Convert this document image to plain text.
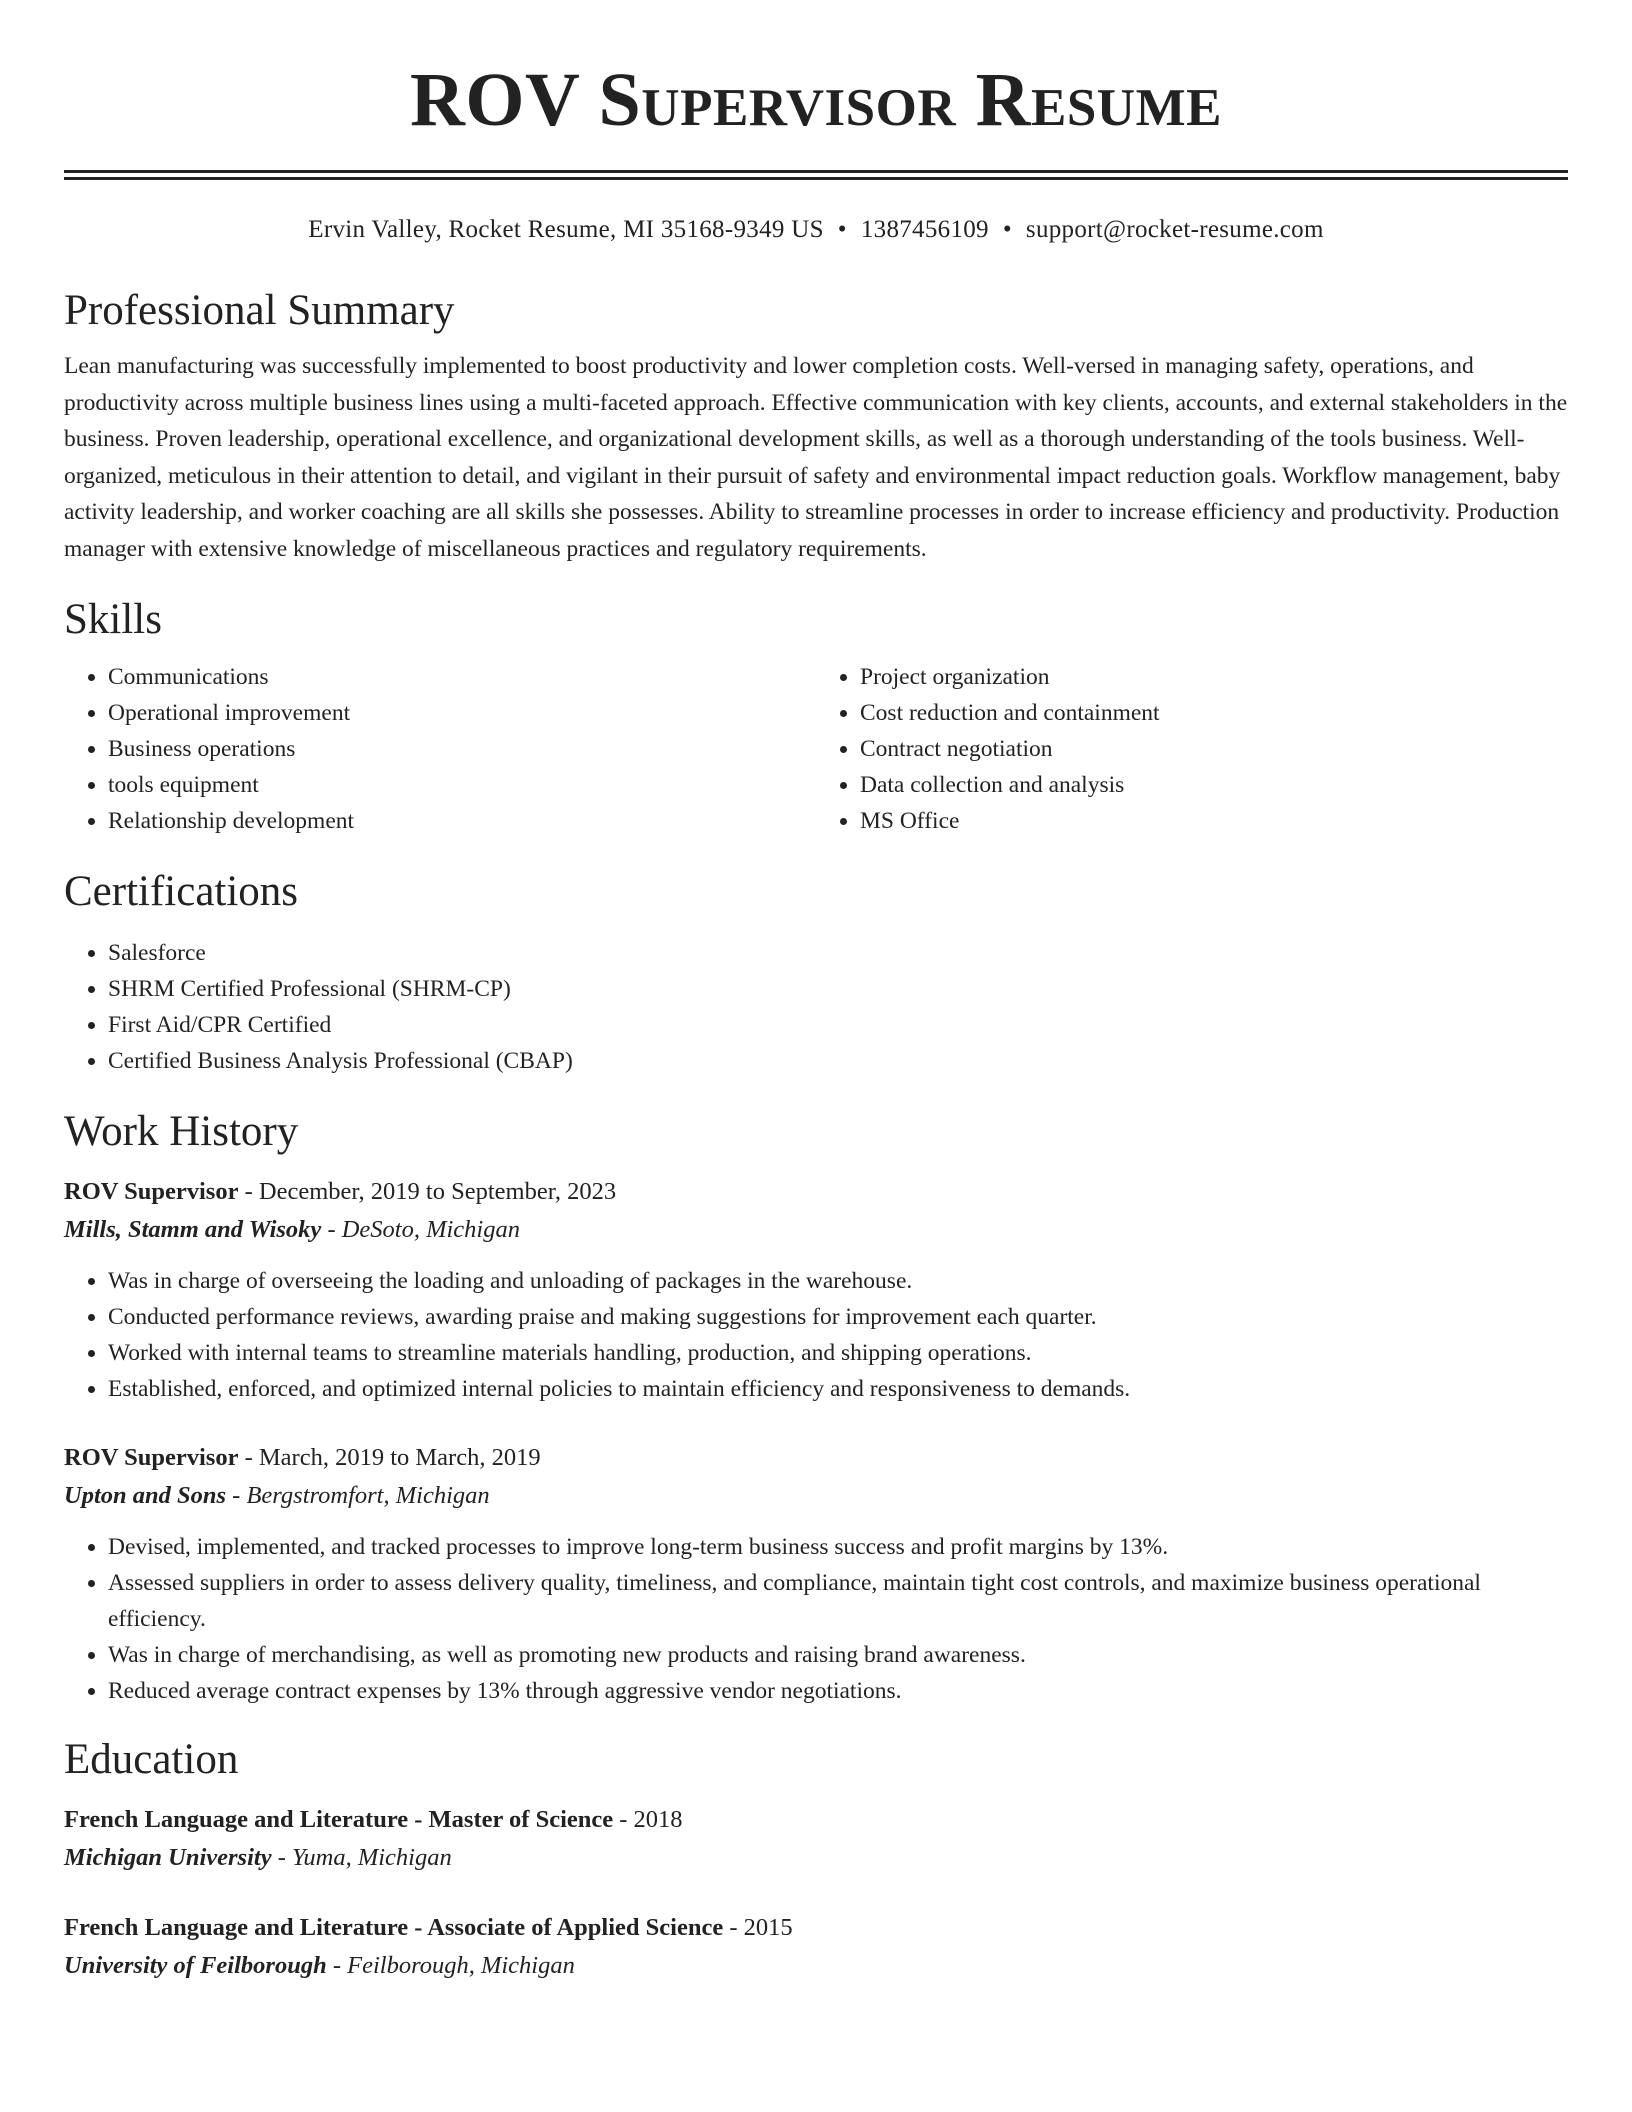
ROV Supervisor Resume
Ervin Valley, Rocket Resume, MI 35168-9349 US • 1387456109 • support@rocket-resume.com
Professional Summary

Lean manufacturing was successfully implemented to boost productivity and lower completion costs. Well-versed in managing safety, operations, and productivity across multiple business lines using a multi-faceted approach. Effective communication with key clients, accounts, and external stakeholders in the business. Proven leadership, operational excellence, and organizational development skills, as well as a thorough understanding of the tools business. Well-organized, meticulous in their attention to detail, and vigilant in their pursuit of safety and environmental impact reduction goals. Workflow management, baby activity leadership, and worker coaching are all skills she possesses. Ability to streamline processes in order to increase efficiency and productivity. Production manager with extensive knowledge of miscellaneous practices and regulatory requirements.

Skills
• Communications
• Operational improvement
• Business operations
• tools equipment
• Relationship development
• Project organization
• Cost reduction and containment
• Contract negotiation
• Data collection and analysis
• MS Office
Certifications
• Salesforce
• SHRM Certified Professional (SHRM-CP)
• First Aid/CPR Certified
• Certified Business Analysis Professional (CBAP)
Work History
ROV Supervisor - December, 2019 to September, 2023
Mills, Stamm and Wisoky - DeSoto, Michigan
• Was in charge of overseeing the loading and unloading of packages in the warehouse.
• Conducted performance reviews, awarding praise and making suggestions for improvement each quarter.
• Worked with internal teams to streamline materials handling, production, and shipping operations.
• Established, enforced, and optimized internal policies to maintain efficiency and responsiveness to demands.
ROV Supervisor - March, 2019 to March, 2019
Upton and Sons - Bergstromfort, Michigan
• Devised, implemented, and tracked processes to improve long-term business success and profit margins by 13%.
• Assessed suppliers in order to assess delivery quality, timeliness, and compliance, maintain tight cost controls, and maximize business operational efficiency.
• Was in charge of merchandising, as well as promoting new products and raising brand awareness.
• Reduced average contract expenses by 13% through aggressive vendor negotiations.
Education
French Language and Literature - Master of Science - 2018
Michigan University - Yuma, Michigan
French Language and Literature - Associate of Applied Science - 2015
University of Feilborough - Feilborough, Michigan
